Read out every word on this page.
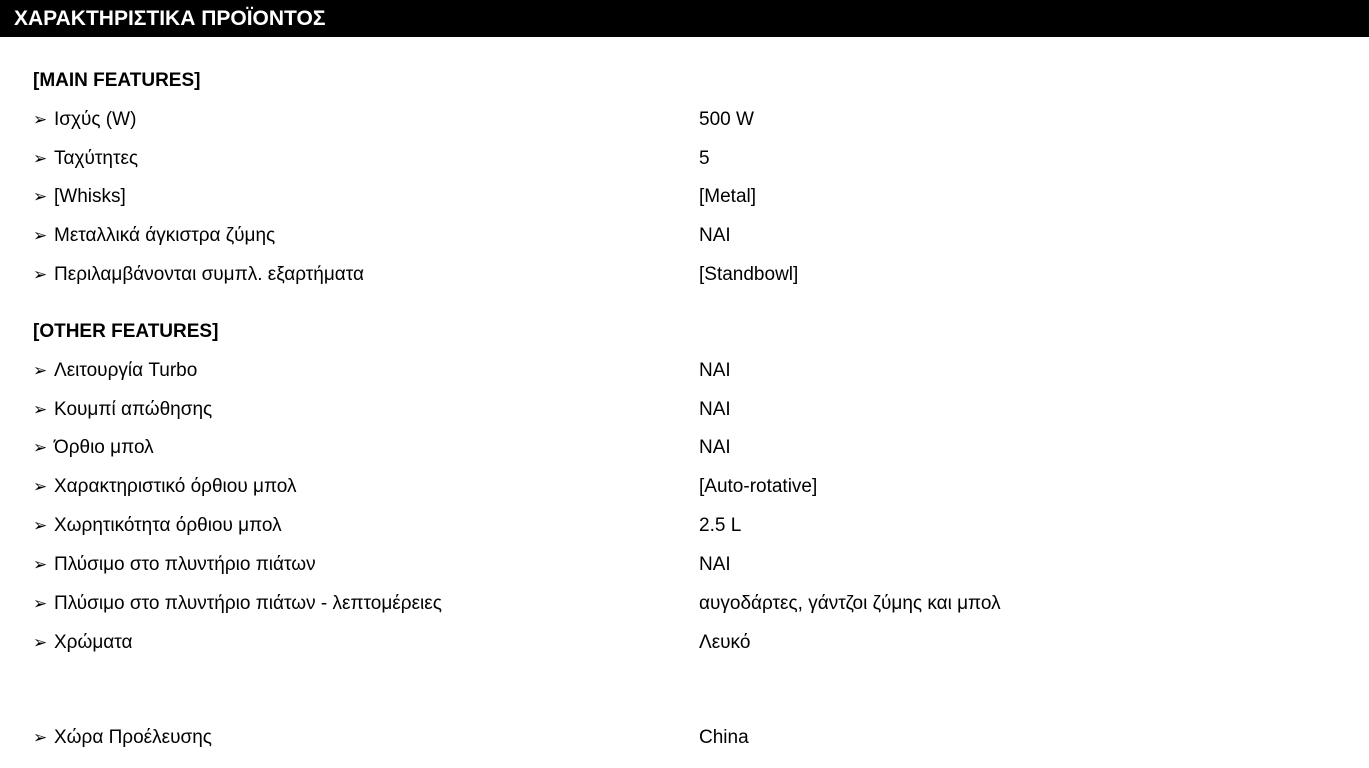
ΧΑΡΑΚΤΗΡΙΣΤΙΚΑ ΠΡΟΪΟΝΤΟΣ
[MAIN FEATURES]
➢ Ισχύς (W)	500 W
➢ Ταχύτητες	5
➢ [Whisks]	[Metal]
➢ Μεταλλικά άγκιστρα ζύμης	ΝΑΙ
➢ Περιλαμβάνονται συμπλ. εξαρτήματα	[Standbowl]
[OTHER FEATURES]
➢ Λειτουργία Turbo	ΝΑΙ
➢ Κουμπί απώθησης	ΝΑΙ
➢ Όρθιο μπολ	ΝΑΙ
➢ Χαρακτηριστικό όρθιου μπολ	[Auto-rotative]
➢ Χωρητικότητα όρθιου μπολ	2.5 L
➢ Πλύσιμο στο πλυντήριο πιάτων	ΝΑΙ
➢ Πλύσιμο στο πλυντήριο πιάτων - λεπτομέρειες	αυγοδάρτες, γάντζοι ζύμης και μπολ
➢ Χρώματα	Λευκό
➢ Χώρα Προέλευσης	China
